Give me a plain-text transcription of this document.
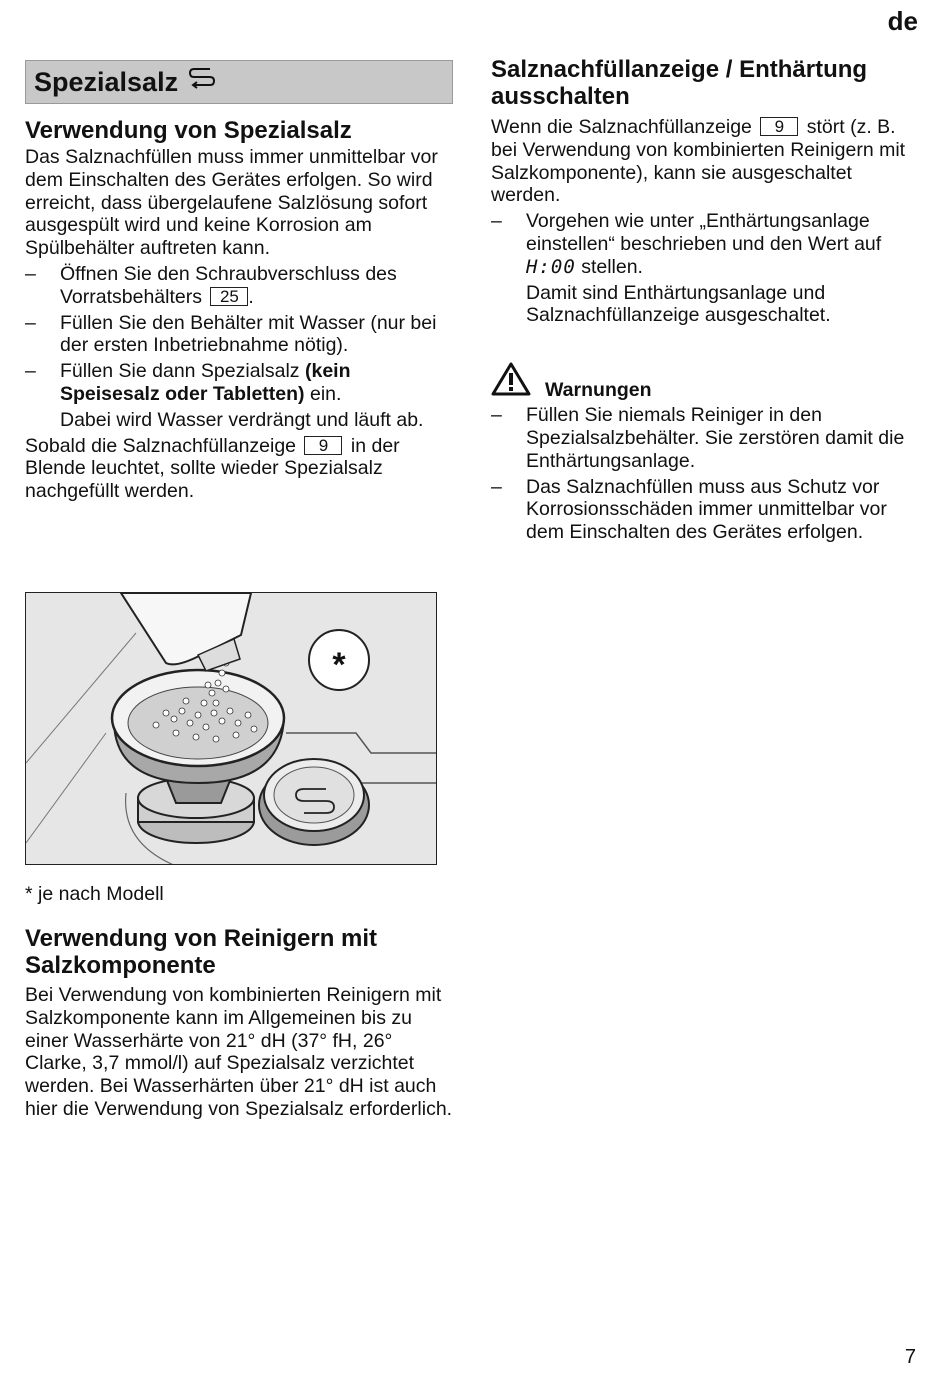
de
Spezialsalz
Verwendung von Spezialsalz

Das Salznachfüllen muss immer unmittelbar vor dem Einschalten des Gerätes erfolgen. So wird erreicht, dass übergelaufene Salzlösung sofort ausgespült wird und keine Korrosion am Spülbehälter auftreten kann.

– Öffnen Sie den Schraubverschluss des Vorratsbehälters 25 .
– Füllen Sie den Behälter mit Wasser (nur bei der ersten Inbetriebnahme nötig).
– Füllen Sie dann Spezialsalz (kein Speisesalz oder Tabletten) ein.
Dabei wird Wasser verdrängt und läuft ab.

Sobald die Salznachfüllanzeige 9 in der Blende leuchtet, sollte wieder Spezialsalz nachgefüllt werden.

*
* je nach Modell
Verwendung von Reinigern mit Salzkomponente

Bei Verwendung von kombinierten Reinigern mit Salzkomponente kann im Allgemeinen bis zu einer Wasserhärte von 21° dH (37° fH, 26° Clarke, 3,7 mmol/l) auf Spezialsalz verzichtet werden. Bei Wasserhärten über 21° dH ist auch hier die Verwendung von Spezialsalz erforderlich.

Salznachfüllanzeige / Enthärtung ausschalten

Wenn die Salznachfüllanzeige 9 stört (z. B. bei Verwendung von kombinierten Reinigern mit Salzkomponente), kann sie ausgeschaltet werden.

– Vorgehen wie unter „Enthärtungsanlage einstellen“ beschrieben und den Wert auf H:00 stellen.
Damit sind Enthärtungsanlage und Salznachfüllanzeige ausgeschaltet.
Warnungen
– Füllen Sie niemals Reiniger in den Spezialsalzbehälter. Sie zerstören damit die Enthärtungsanlage.
– Das Salznachfüllen muss aus Schutz vor Korrosionsschäden immer unmittelbar vor dem Einschalten des Gerätes erfolgen.
7
